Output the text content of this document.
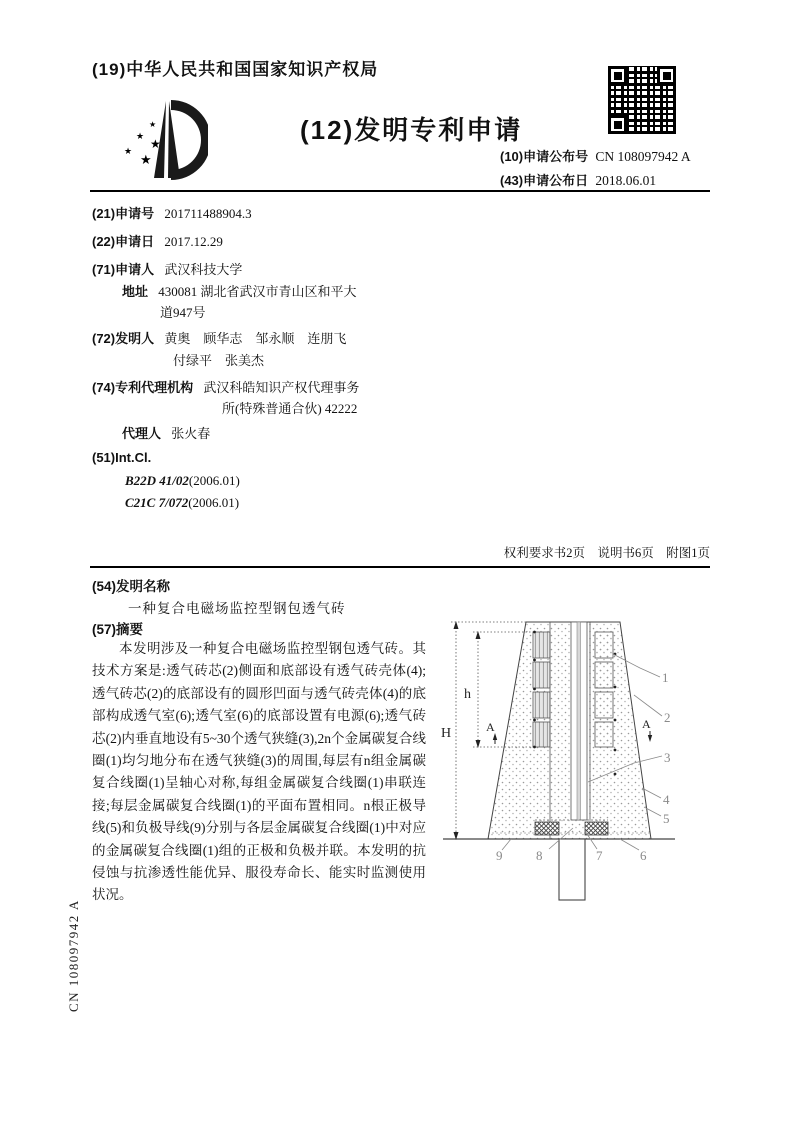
(19)中华人民共和国国家知识产权局
★
★
★
★
★
(12)发明专利申请
(10)申请公布号 CN 108097942 A
(43)申请公布日 2018.06.01
(21)申请号 201711488904.3
(22)申请日 2017.12.29
(71)申请人 武汉科技大学
地址 430081 湖北省武汉市青山区和平大
道947号
(72)发明人 黄奥　顾华志　邹永顺　连朋飞
付绿平　张美杰
(74)专利代理机构 武汉科皓知识产权代理事务
所(特殊普通合伙) 42222
代理人 张火春
(51)Int.Cl.
B22D 41/02(2006.01)
C21C 7/072(2006.01)
权利要求书2页　说明书6页　附图1页
(54)发明名称
一种复合电磁场监控型钢包透气砖
(57)摘要
本发明涉及一种复合电磁场监控型钢包透气砖。其技术方案是:透气砖芯(2)侧面和底部设有透气砖壳体(4);透气砖芯(2)的底部设有的圆形凹面与透气砖壳体(4)的底部构成透气室(6);透气室(6)的底部设置有电源(6);透气砖芯(2)内垂直地设有5~30个透气狭缝(3),2n个金属碳复合线圈(1)均匀地分布在透气狭缝(3)的周围,每层有n组金属碳复合线圈(1)呈轴心对称,每组金属碳复合线圈(1)串联连接;每层金属碳复合线圈(1)的平面布置相同。n根正极导线(5)和负极导线(9)分别与各层金属碳复合线圈(1)中对应的金属碳复合线圈(1)组的正极和负极并联。本发明的抗侵蚀与抗渗透性能优异、服役寿命长、能实时监测使用状况。
H
h
A	A
1
2
3
4
5
6
7
8
9
CN 108097942 A
